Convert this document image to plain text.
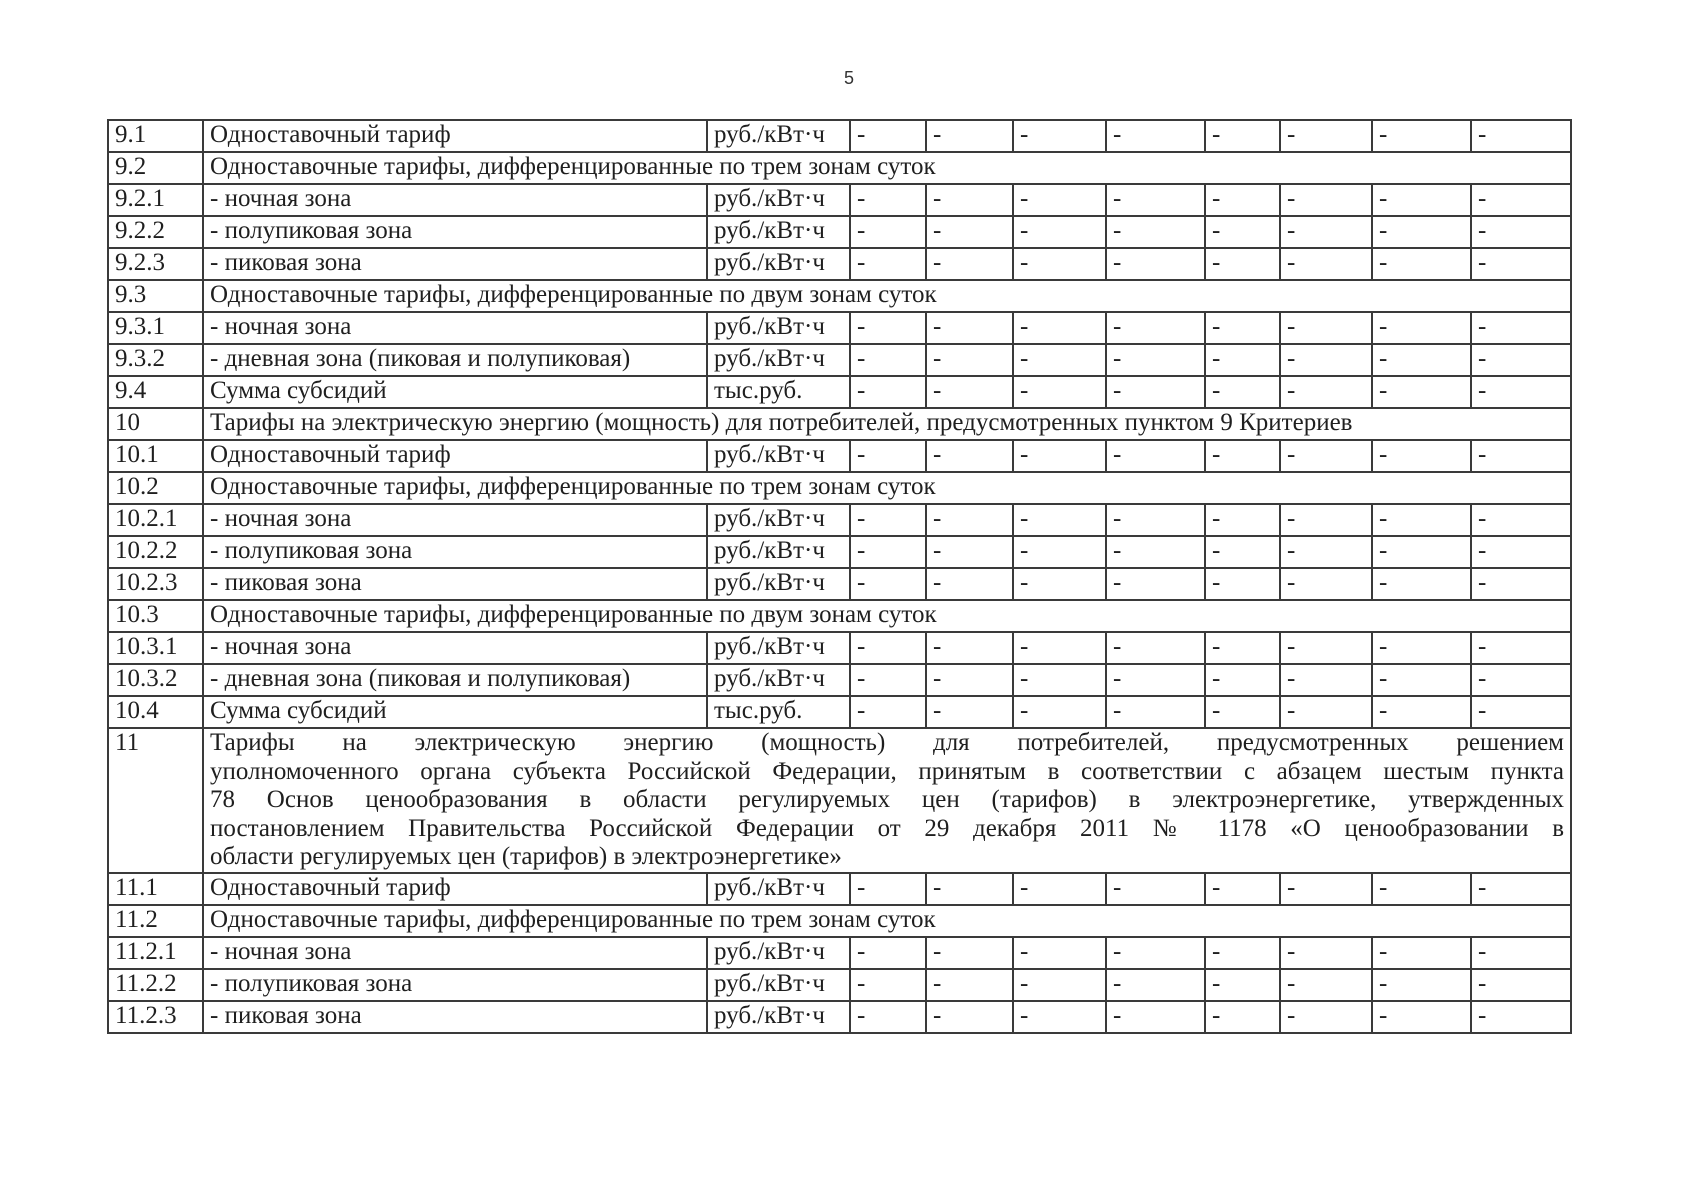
5
9.1	Одноставочный тариф	руб./кВт·ч	-	-	-	-	-	-	-	-
9.2	Одноставочные тарифы, дифференцированные по трем зонам суток									
9.2.1	- ночная зона	руб./кВт·ч	-	-	-	-	-	-	-	-
9.2.2	- полупиковая зона	руб./кВт·ч	-	-	-	-	-	-	-	-
9.2.3	- пиковая зона	руб./кВт·ч	-	-	-	-	-	-	-	-
9.3	Одноставочные тарифы, дифференцированные по двум зонам суток									
9.3.1	- ночная зона	руб./кВт·ч	-	-	-	-	-	-	-	-
9.3.2	- дневная зона (пиковая и полупиковая)	руб./кВт·ч	-	-	-	-	-	-	-	-
9.4	Сумма субсидий	тыс.руб.	-	-	-	-	-	-	-	-
10	Тарифы на электрическую энергию (мощность) для потребителей, предусмотренных пунктом 9 Критериев									
10.1	Одноставочный тариф	руб./кВт·ч	-	-	-	-	-	-	-	-
10.2	Одноставочные тарифы, дифференцированные по трем зонам суток									
10.2.1	- ночная зона	руб./кВт·ч	-	-	-	-	-	-	-	-
10.2.2	- полупиковая зона	руб./кВт·ч	-	-	-	-	-	-	-	-
10.2.3	- пиковая зона	руб./кВт·ч	-	-	-	-	-	-	-	-
10.3	Одноставочные тарифы, дифференцированные по двум зонам суток									
10.3.1	- ночная зона	руб./кВт·ч	-	-	-	-	-	-	-	-
10.3.2	- дневная зона (пиковая и полупиковая)	руб./кВт·ч	-	-	-	-	-	-	-	-
10.4	Сумма субсидий	тыс.руб.	-	-	-	-	-	-	-	-
11	Тарифы на электрическую энергию (мощность) для потребителей, предусмотренных решением
уполномоченного органа субъекта Российской Федерации, принятым в соответствии с абзацем шестым пункта
78 Основ ценообразования в области регулируемых цен (тарифов) в электроэнергетике, утвержденных
постановлением Правительства Российской Федерации от 29 декабря 2011 № 1178 «О ценообразовании в
области регулируемых цен (тарифов) в электроэнергетике»									

11.1	Одноставочный тариф	руб./кВт·ч	-	-	-	-	-	-	-	-
11.2	Одноставочные тарифы, дифференцированные по трем зонам суток									
11.2.1	- ночная зона	руб./кВт·ч	-	-	-	-	-	-	-	-
11.2.2	- полупиковая зона	руб./кВт·ч	-	-	-	-	-	-	-	-
11.2.3	- пиковая зона	руб./кВт·ч	-	-	-	-	-	-	-	-
